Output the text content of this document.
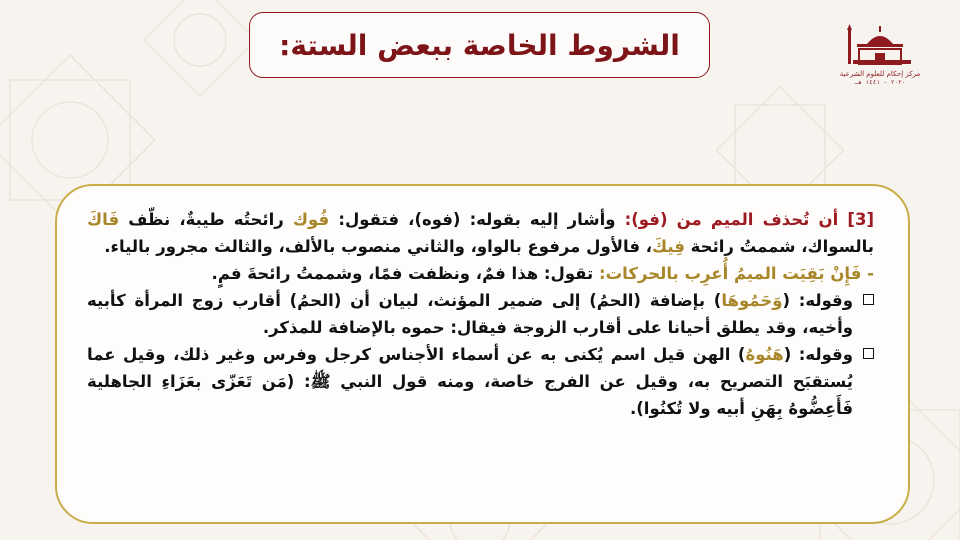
الشروط الخاصة ببعض الستة:
مركز إحكام للعلوم الشرعية
٢٠٢٠ - ١٤٤١ هـ

[3] أن تُحذف الميم من (فو): وأشار إليه بقوله: (فوه)، فتقول: فُوك رائحتُه طيبةٌ، نظّف فَاكَ بالسواك، شممتُ رائحة فِيكَ، فالأول مرفوع بالواو، والثاني منصوب بالألف، والثالث مجرور بالياء.

- فَإِنْ بَقِيَت الميمُ أُعرِب بالحركات: تقول: هذا فمٌ، ونظفت فمًا، وشممتُ رائحةَ فمٍ.

وقوله: (وَحَمُوهَا) بإضافة (الحمُ) إلى ضمير المؤنث، لبيان أن (الحمُ) أقارب زوج المرأة كأبيه وأخيه، وقد يطلق أحيانا على أقارب الزوجة فيقال: حموه بالإضافة للمذكر.

وقوله: (هَنُوهُ) الهن قيل اسم يُكنى به عن أسماء الأجناس كرجل وفرس وغير ذلك، وقيل عما يُستقبَح التصريح به، وقيل عن الفرج خاصة، ومنه قول النبي ﷺ: (مَن تَعَزّى بعَزَاءِ الجاهلية فَأَعِضُّوهُ بِهَنِ أبيه ولا تُكنُوا).
